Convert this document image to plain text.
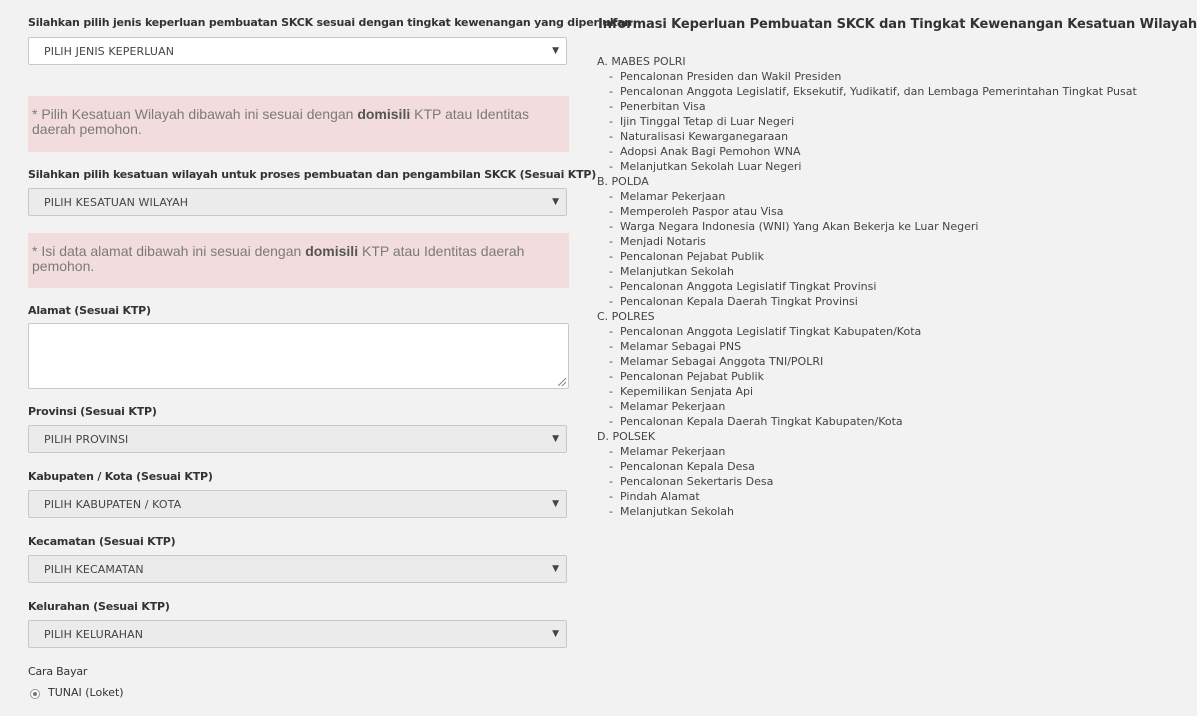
Silahkan pilih jenis keperluan pembuatan SKCK sesuai dengan tingkat kewenangan yang diperlukan
PILIH JENIS KEPERLUAN	▼
* Pilih Kesatuan Wilayah dibawah ini sesuai dengan domisili KTP atau Identitas daerah pemohon.
Silahkan pilih kesatuan wilayah untuk proses pembuatan dan pengambilan SKCK (Sesuai KTP)
PILIH KESATUAN WILAYAH	▼
* Isi data alamat dibawah ini sesuai dengan domisili KTP atau Identitas daerah pemohon.
Alamat (Sesuai KTP)
Provinsi (Sesuai KTP)
PILIH PROVINSI	▼
Kabupaten / Kota (Sesuai KTP)
PILIH KABUPATEN / KOTA	▼
Kecamatan (Sesuai KTP)
PILIH KECAMATAN	▼
Kelurahan (Sesuai KTP)
PILIH KELURAHAN	▼
Cara Bayar
TUNAI (Loket)
Informasi Keperluan Pembuatan SKCK dan Tingkat Kewenangan Kesatuan Wilayah
A. MABES POLRI
- Pencalonan Presiden dan Wakil Presiden
- Pencalonan Anggota Legislatif, Eksekutif, Yudikatif, dan Lembaga Pemerintahan Tingkat Pusat
- Penerbitan Visa
- Ijin Tinggal Tetap di Luar Negeri
- Naturalisasi Kewarganegaraan
- Adopsi Anak Bagi Pemohon WNA
- Melanjutkan Sekolah Luar Negeri
B. POLDA
- Melamar Pekerjaan
- Memperoleh Paspor atau Visa
- Warga Negara Indonesia (WNI) Yang Akan Bekerja ke Luar Negeri
- Menjadi Notaris
- Pencalonan Pejabat Publik
- Melanjutkan Sekolah
- Pencalonan Anggota Legislatif Tingkat Provinsi
- Pencalonan Kepala Daerah Tingkat Provinsi
C. POLRES
- Pencalonan Anggota Legislatif Tingkat Kabupaten/Kota
- Melamar Sebagai PNS
- Melamar Sebagai Anggota TNI/POLRI
- Pencalonan Pejabat Publik
- Kepemilikan Senjata Api
- Melamar Pekerjaan
- Pencalonan Kepala Daerah Tingkat Kabupaten/Kota
D. POLSEK
- Melamar Pekerjaan
- Pencalonan Kepala Desa
- Pencalonan Sekertaris Desa
- Pindah Alamat
- Melanjutkan Sekolah
